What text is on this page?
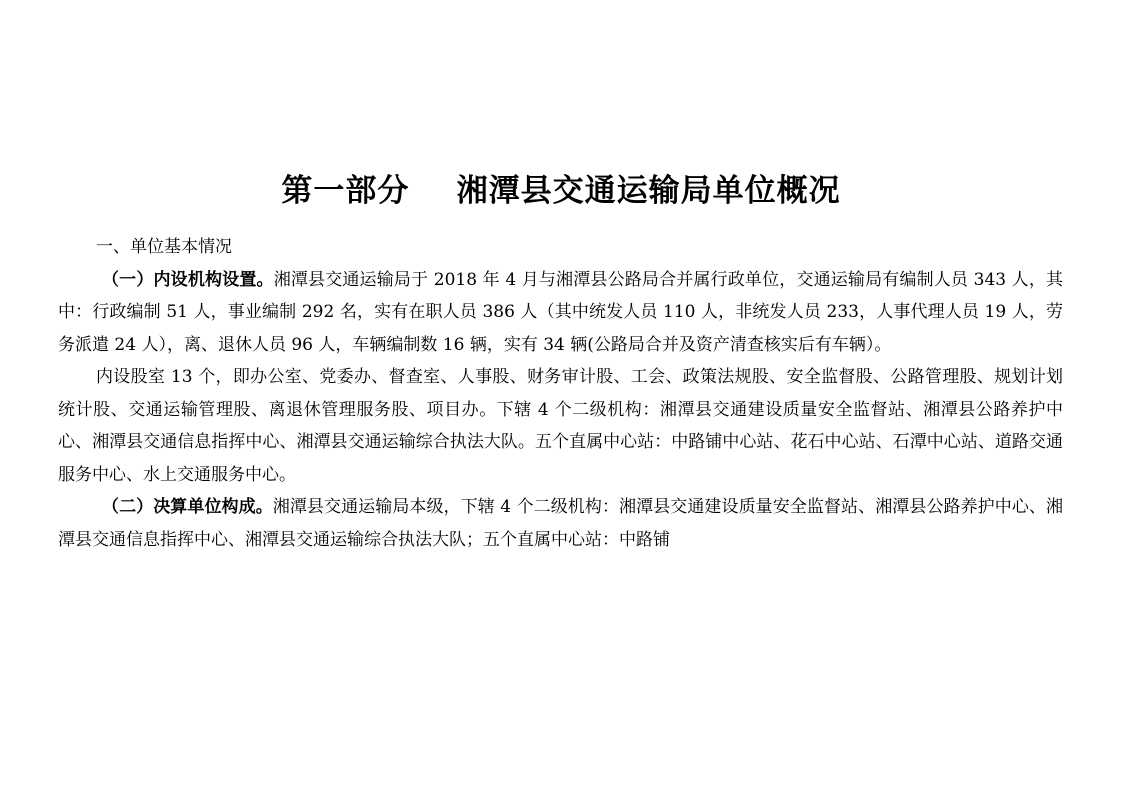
第一部分    湘潭县交通运输局单位概况

一、单位基本情况

（一）内设机构设置。湘潭县交通运输局于 2018 年 4 月与湘潭县公路局合并属行政单位，交通运输局有编制人员 343 人，其中：行政编制 51 人，事业编制 292 名，实有在职人员 386 人（其中统发人员 110 人，非统发人员 233，人事代理人员 19 人，劳务派遣 24 人），离、退休人员 96 人，车辆编制数 16 辆，实有 34 辆(公路局合并及资产清查核实后有车辆）。

内设股室 13 个，即办公室、党委办、督查室、人事股、财务审计股、工会、政策法规股、安全监督股、公路管理股、规划计划统计股、交通运输管理股、离退休管理服务股、项目办。下辖 4 个二级机构：湘潭县交通建设质量安全监督站、湘潭县公路养护中心、湘潭县交通信息指挥中心、湘潭县交通运输综合执法大队。五个直属中心站：中路铺中心站、花石中心站、石潭中心站、道路交通服务中心、水上交通服务中心。

（二）决算单位构成。湘潭县交通运输局本级，下辖 4 个二级机构：湘潭县交通建设质量安全监督站、湘潭县公路养护中心、湘潭县交通信息指挥中心、湘潭县交通运输综合执法大队；五个直属中心站：中路铺
